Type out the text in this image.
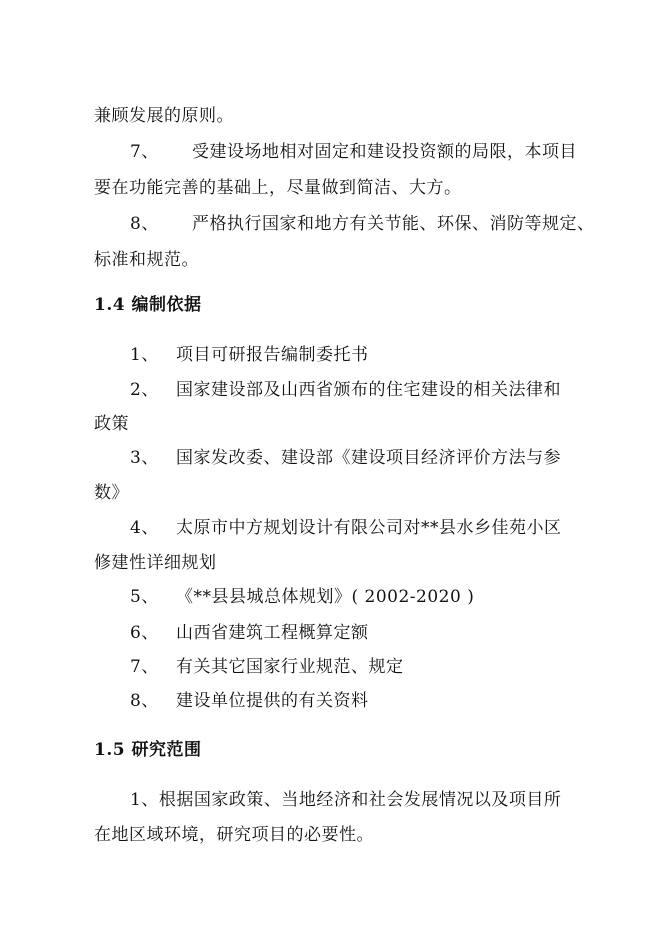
兼顾发展的原则。
7、 受建设场地相对固定和建设投资额的局限，本项目
要在功能完善的基础上，尽量做到简洁、大方。
8、 严格执行国家和地方有关节能、环保、消防等规定、
标准和规范。
1.4 编制依据
1、 项目可研报告编制委托书
2、 国家建设部及山西省颁布的住宅建设的相关法律和
政策
3、 国家发改委、建设部《建设项目经济评价方法与参
数》
4、 太原市中方规划设计有限公司对**县水乡佳苑小区
修建性详细规划
5、 《**县县城总体规划》( 2002-2020 )
6、 山西省建筑工程概算定额
7、 有关其它国家行业规范、规定
8、 建设单位提供的有关资料
1.5 研究范围
1、根据国家政策、当地经济和社会发展情况以及项目所
在地区域环境，研究项目的必要性。
